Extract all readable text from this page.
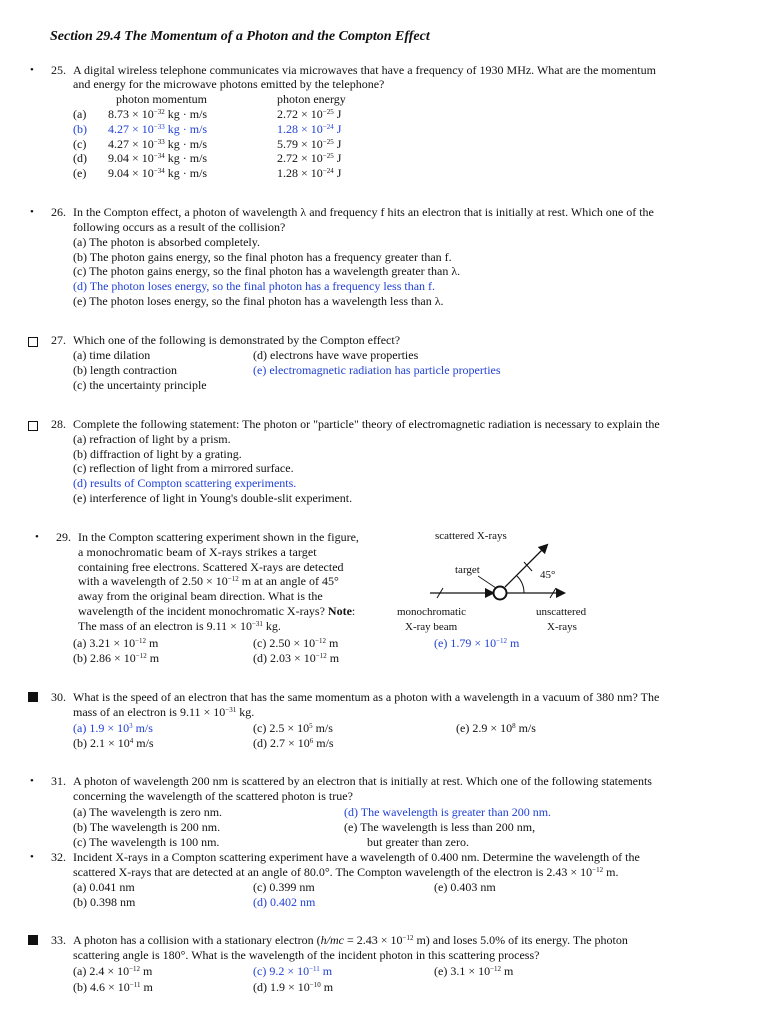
Section 29.4 The Momentum of a Photon and the Compton Effect
• 25. A digital wireless telephone communicates via microwaves that have a frequency of 1930 MHz. What are the momentum
and energy for the microwave photons emitted by the telephone?
photon momentum	photon energy
(a) $8.73 \times 10^{-32}$ kg · m/s	$2.72 \times 10^{-25}$ J
(b) $4.27 \times 10^{-33}$ kg · m/s	$1.28 \times 10^{-24}$ J
(c) $4.27 \times 10^{-33}$ kg · m/s	$5.79 \times 10^{-25}$ J
(d) $9.04 \times 10^{-34}$ kg · m/s	$2.72 \times 10^{-25}$ J
(e) $9.04 \times 10^{-34}$ kg · m/s	$1.28 \times 10^{-24}$ J
• 26. In the Compton effect, a photon of wavelength λ and frequency f hits an electron that is initially at rest. Which one of the
following occurs as a result of the collision?
(a) The photon is absorbed completely.
(b) The photon gains energy, so the final photon has a frequency greater than f.
(c) The photon gains energy, so the final photon has a wavelength greater than λ.
(d) The photon loses energy, so the final photon has a frequency less than f.
(e) The photon loses energy, so the final photon has a wavelength less than λ.
27. Which one of the following is demonstrated by the Compton effect?
(a) time dilation
(b) length contraction
(c) the uncertainty principle
(d) electrons have wave properties
(e) electromagnetic radiation has particle properties
28. Complete the following statement: The photon or "particle" theory of electromagnetic radiation is necessary to explain the
(a) refraction of light by a prism.
(b) diffraction of light by a grating.
(c) reflection of light from a mirrored surface.
(d) results of Compton scattering experiments.
(e) interference of light in Young's double-slit experiment.
• 29. In the Compton scattering experiment shown in the figure,
a monochromatic beam of X-rays strikes a target
containing free electrons. Scattered X-rays are detected
with a wavelength of $2.50 \times 10^{-12}$ m at an angle of 45°
away from the original beam direction. What is the
wavelength of the incident monochromatic X-rays? Note:
The mass of an electron is $9.11 \times 10^{-31}$ kg.
(a) $3.21 \times 10^{-12}$ m
(b) $2.86 \times 10^{-12}$ m
(c) $2.50 \times 10^{-12}$ m
(d) $2.03 \times 10^{-12}$ m
(e) $1.79 \times 10^{-12}$ m
scattered X-rays
target	45°
monochromatic
X-ray beam
unscattered
X-rays
30. What is the speed of an electron that has the same momentum as a photon with a wavelength in a vacuum of 380 nm? The
mass of an electron is $9.11 \times 10^{-31}$ kg.
(a) $1.9 \times 10^3$ m/s
(b) $2.1 \times 10^4$ m/s
(c) $2.5 \times 10^5$ m/s
(d) $2.7 \times 10^6$ m/s
(e) $2.9 \times 10^8$ m/s
• 31. A photon of wavelength 200 nm is scattered by an electron that is initially at rest. Which one of the following statements
concerning the wavelength of the scattered photon is true?
(a) The wavelength is zero nm.
(b) The wavelength is 200 nm.
(c) The wavelength is 100 nm.
(d) The wavelength is greater than 200 nm.
(e) The wavelength is less than 200 nm,
but greater than zero.
• 32. Incident X-rays in a Compton scattering experiment have a wavelength of 0.400 nm. Determine the wavelength of the
scattered X-rays that are detected at an angle of 80.0°. The Compton wavelength of the electron is $2.43 \times 10^{-12}$ m.
(a) 0.041 nm
(b) 0.398 nm
(c) 0.399 nm
(d) 0.402 nm
(e) 0.403 nm
33. A photon has a collision with a stationary electron ($h/mc = 2.43 \times 10^{-12}$ m) and loses 5.0% of its energy. The photon
scattering angle is 180°. What is the wavelength of the incident photon in this scattering process?
(a) $2.4 \times 10^{-12}$ m
(b) $4.6 \times 10^{-11}$ m
(c) $9.2 \times 10^{-11}$ m
(d) $1.9 \times 10^{-10}$ m
(e) $3.1 \times 10^{-12}$ m
